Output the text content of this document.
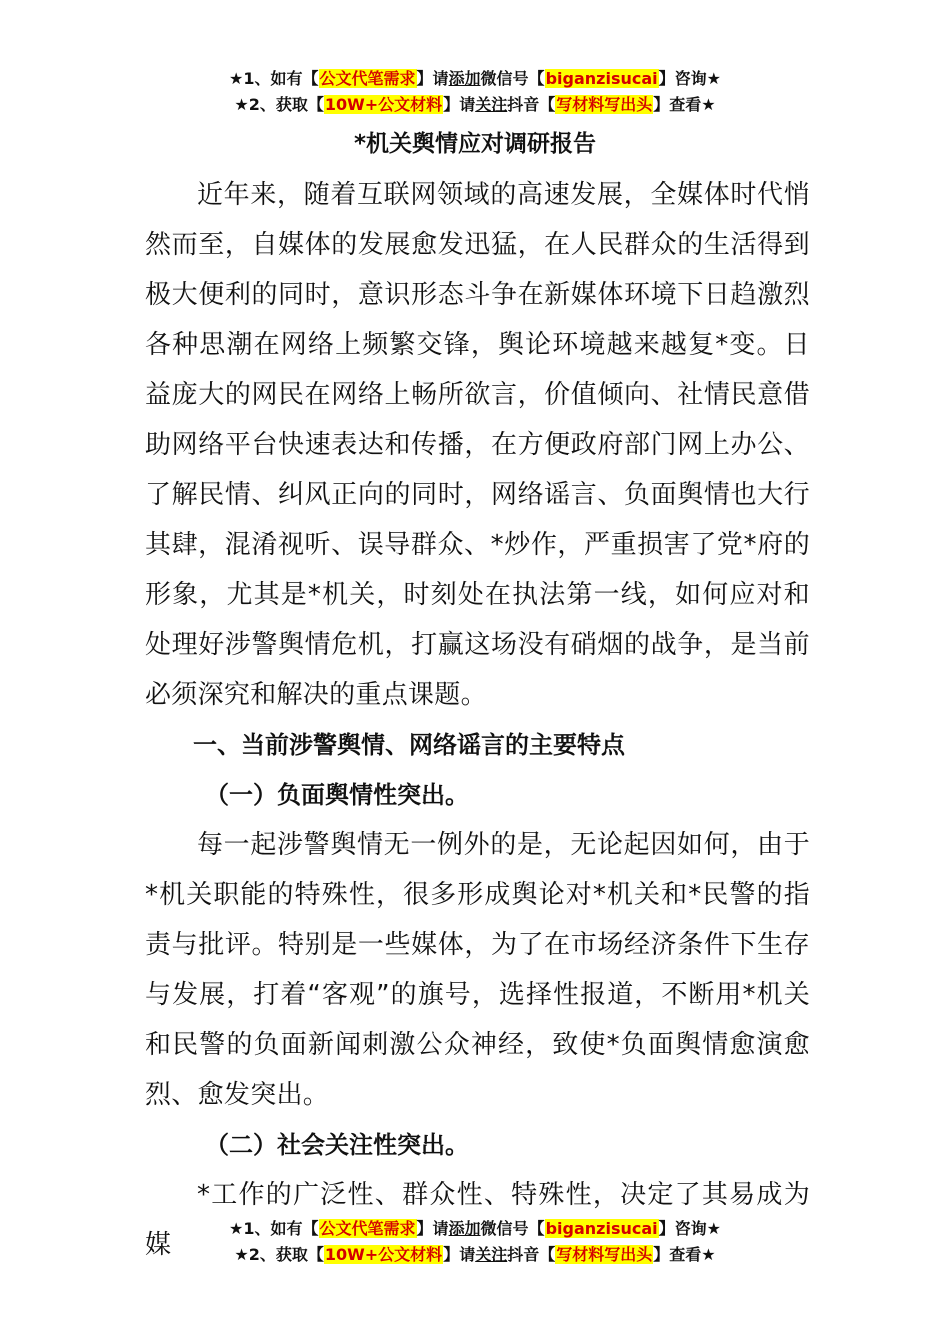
★1、如有【公文代笔需求】请添加微信号【biganzisucai】咨询★
★2、获取【10W+公文材料】请关注抖音【写材料写出头】查看★
*机关舆情应对调研报告

近年来，随着互联网领域的高速发展，全媒体时代悄然而至，自媒体的发展愈发迅猛，在人民群众的生活得到极大便利的同时，意识形态斗争在新媒体环境下日趋激烈各种思潮在网络上频繁交锋，舆论环境越来越复*变。日益庞大的网民在网络上畅所欲言，价值倾向、社情民意借助网络平台快速表达和传播，在方便政府部门网上办公、了解民情、纠风正向的同时，网络谣言、负面舆情也大行其肆，混淆视听、误导群众、*炒作，严重损害了党*府的形象，尤其是*机关，时刻处在执法第一线，如何应对和处理好涉警舆情危机，打赢这场没有硝烟的战争，是当前必须深究和解决的重点课题。

一、当前涉警舆情、网络谣言的主要特点

（一）负面舆情性突出。

每一起涉警舆情无一例外的是，无论起因如何，由于*机关职能的特殊性，很多形成舆论对*机关和*民警的指责与批评。特别是一些媒体，为了在市场经济条件下生存与发展，打着“客观”的旗号，选择性报道，不断用*机关和民警的负面新闻刺激公众神经，致使*负面舆情愈演愈烈、愈发突出。

（二）社会关注性突出。

*工作的广泛性、群众性、特殊性，决定了其易成为媒

★1、如有【公文代笔需求】请添加微信号【biganzisucai】咨询★
★2、获取【10W+公文材料】请关注抖音【写材料写出头】查看★
